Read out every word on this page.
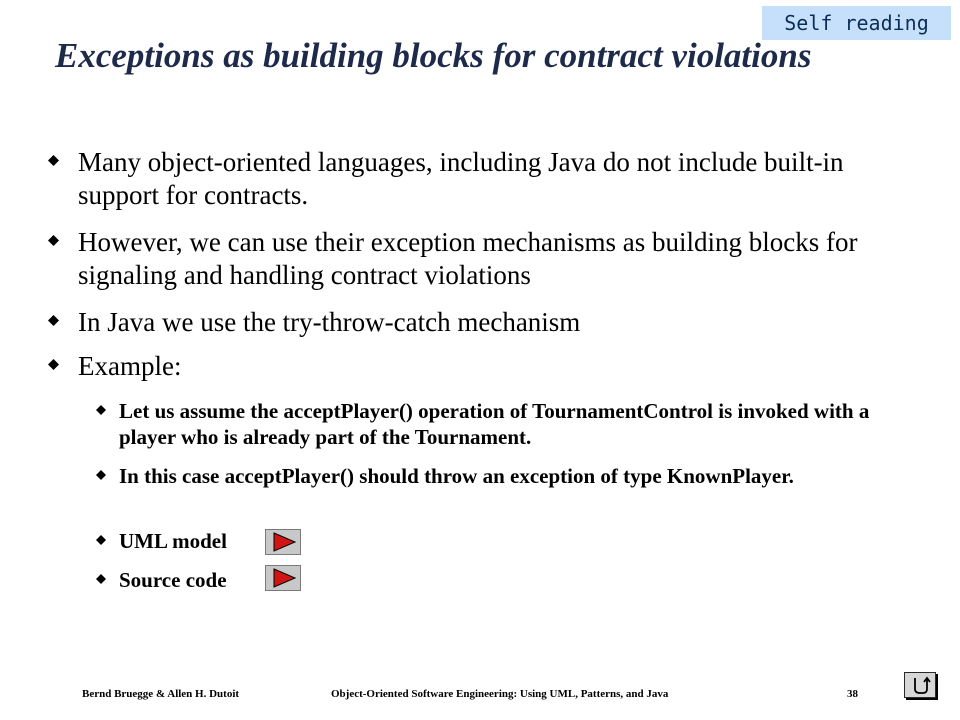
Self reading
Exceptions as building blocks for contract violations
Many object-oriented languages, including Java do not include built-in support for contracts.
However, we can use their exception mechanisms as building blocks for signaling and handling contract violations
In Java we use the try-throw-catch mechanism
Example:
Let us assume the acceptPlayer() operation of TournamentControl is invoked with a player who is already part of the Tournament.
In this case acceptPlayer() should throw an exception of type KnownPlayer.
UML model
Source code
Bernd Bruegge & Allen H. Dutoit	Object-Oriented Software Engineering: Using UML, Patterns, and Java	38
